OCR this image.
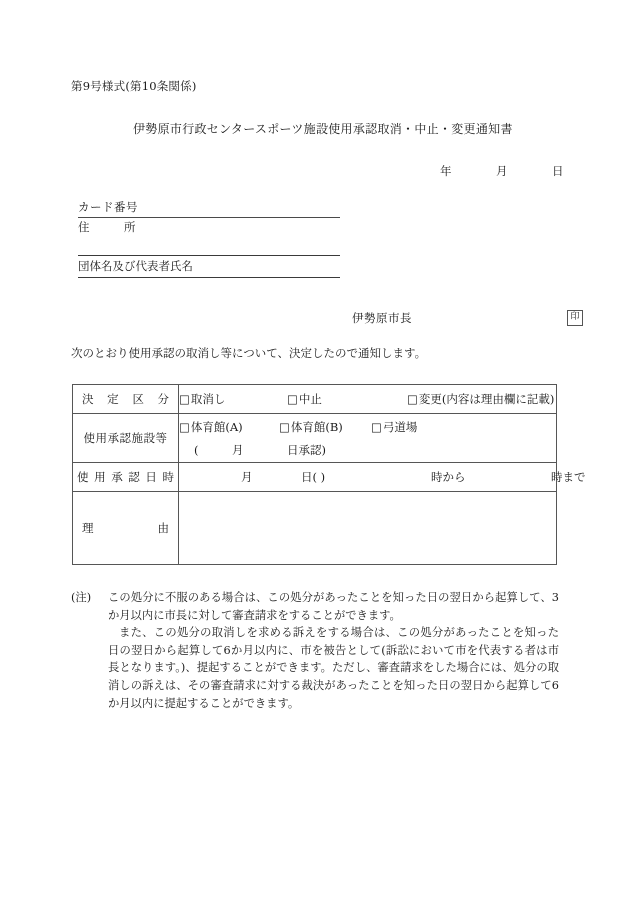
第9号様式(第10条関係)
伊勢原市行政センタースポーツ施設使用承認取消・中止・変更通知書
年	月	日
カード番号
住	所
団体名及び代表者氏名
伊勢原市長	印
次のとおり使用承認の取消し等について、決定したので通知します。
決 定 区 分	□取消し □中止 □変更(内容は理由欄に記載)

使用承認施設等	□体育館(A) □体育館(B) □弓道場
( 月 日承認)

使 用 承 認 日 時	月	日( )	時から	時まで

理 由	

(注)	この処分に不服のある場合は、この処分があったことを知った日の翌日から起算して、3か月以内に市長に対して審査請求をすることができます。
また、この処分の取消しを求める訴えをする場合は、この処分があったことを知った日の翌日から起算して6か月以内に、市を被告として(訴訟において市を代表する者は市長となります。)、提起することができます。ただし、審査請求をした場合には、処分の取消しの訴えは、その審査請求に対する裁決があったことを知った日の翌日から起算して6か月以内に提起することができます。
